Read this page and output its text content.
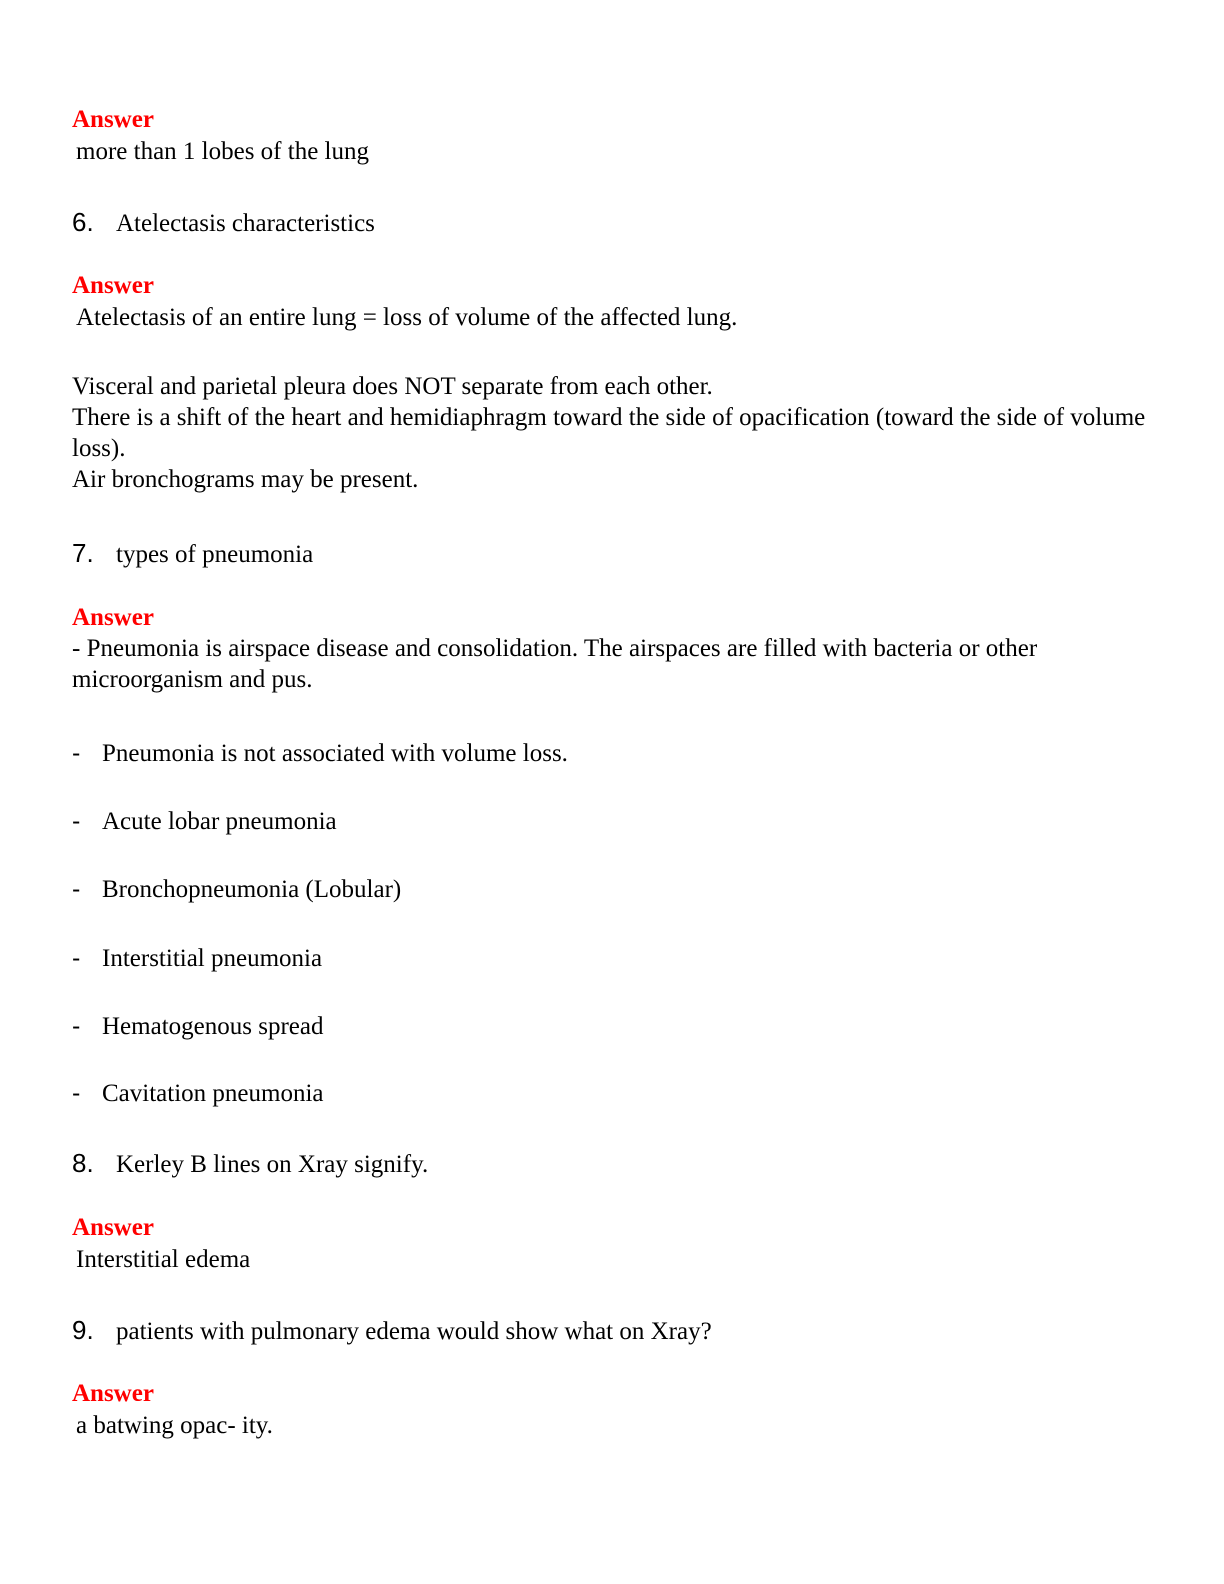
Answer
more than 1 lobes of the lung
6. Atelectasis characteristics
Answer
Atelectasis of an entire lung = loss of volume of the affected lung.
Visceral and parietal pleura does NOT separate from each other.
There is a shift of the heart and hemidiaphragm toward the side of opacification (toward the side of volume loss).
Air bronchograms may be present.
7. types of pneumonia
Answer
- Pneumonia is airspace disease and consolidation. The airspaces are filled with bacteria or other microorganism and pus.
- Pneumonia is not associated with volume loss.
- Acute lobar pneumonia
- Bronchopneumonia (Lobular)
- Interstitial pneumonia
- Hematogenous spread
- Cavitation pneumonia
8. Kerley B lines on Xray signify.
Answer
Interstitial edema
9. patients with pulmonary edema would show what on Xray?
Answer
a batwing opac- ity.
